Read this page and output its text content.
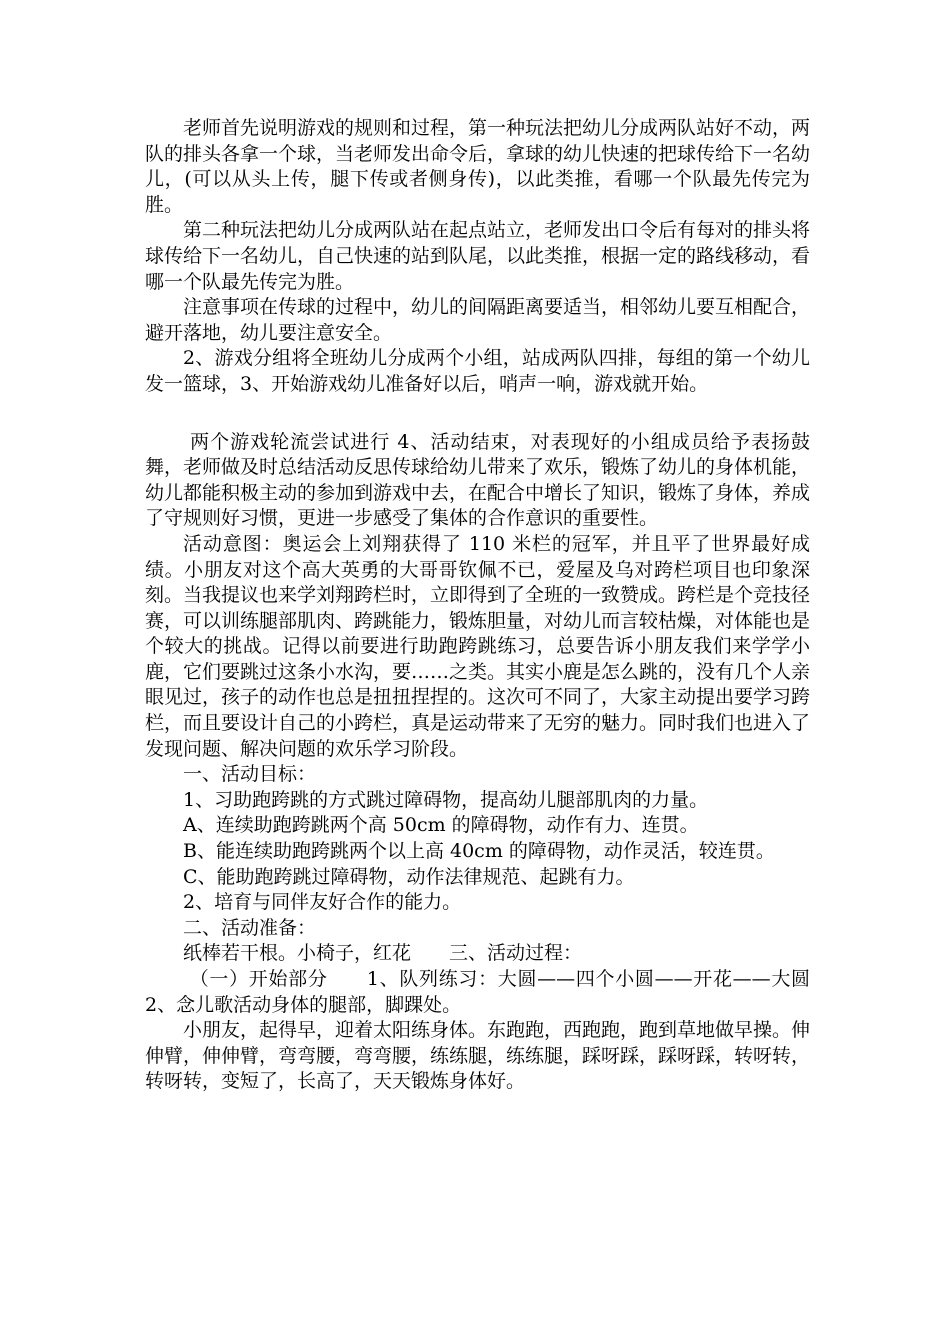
老师首先说明游戏的规则和过程，第一种玩法把幼儿分成两队站好不动，两队的排头各拿一个球，当老师发出命令后，拿球的幼儿快速的把球传给下一名幼儿，(可以从头上传，腿下传或者侧身传)，以此类推，看哪一个队最先传完为胜。

第二种玩法把幼儿分成两队站在起点站立，老师发出口令后有每对的排头将球传给下一名幼儿，自己快速的站到队尾，以此类推，根据一定的路线移动，看哪一个队最先传完为胜。

注意事项在传球的过程中，幼儿的间隔距离要适当，相邻幼儿要互相配合，避开落地，幼儿要注意安全。

2、游戏分组将全班幼儿分成两个小组，站成两队四排，每组的第一个幼儿发一篮球，3、开始游戏幼儿准备好以后，哨声一响，游戏就开始。

两个游戏轮流尝试进行 4、活动结束，对表现好的小组成员给予表扬鼓舞，老师做及时总结活动反思传球给幼儿带来了欢乐，锻炼了幼儿的身体机能，幼儿都能积极主动的参加到游戏中去，在配合中增长了知识，锻炼了身体，养成了守规则好习惯，更进一步感受了集体的合作意识的重要性。

活动意图：奥运会上刘翔获得了 110 米栏的冠军，并且平了世界最好成绩。小朋友对这个高大英勇的大哥哥钦佩不已，爱屋及乌对跨栏项目也印象深刻。当我提议也来学刘翔跨栏时，立即得到了全班的一致赞成。跨栏是个竞技径赛，可以训练腿部肌肉、跨跳能力，锻炼胆量，对幼儿而言较枯燥，对体能也是个较大的挑战。记得以前要进行助跑跨跳练习，总要告诉小朋友我们来学学小鹿，它们要跳过这条小水沟，要……之类。其实小鹿是怎么跳的，没有几个人亲眼见过，孩子的动作也总是扭扭捏捏的。这次可不同了，大家主动提出要学习跨栏，而且要设计自己的小跨栏，真是运动带来了无穷的魅力。同时我们也进入了发现问题、解决问题的欢乐学习阶段。

一、活动目标：

1、习助跑跨跳的方式跳过障碍物，提高幼儿腿部肌肉的力量。

A、连续助跑跨跳两个高 50cm 的障碍物，动作有力、连贯。

B、能连续助跑跨跳两个以上高 40cm 的障碍物，动作灵活，较连贯。

C、能助跑跨跳过障碍物，动作法律规范、起跳有力。

2、培育与同伴友好合作的能力。

二、活动准备：

纸棒若干根。小椅子，红花　　三、活动过程：

（一）开始部分　　1、队列练习：大圆——四个小圆——开花——大圆　　2、念儿歌活动身体的腿部，脚踝处。

小朋友，起得早，迎着太阳练身体。东跑跑，西跑跑，跑到草地做早操。伸伸臂，伸伸臂，弯弯腰，弯弯腰，练练腿，练练腿，踩呀踩，踩呀踩，转呀转，转呀转，变短了，长高了，天天锻炼身体好。
